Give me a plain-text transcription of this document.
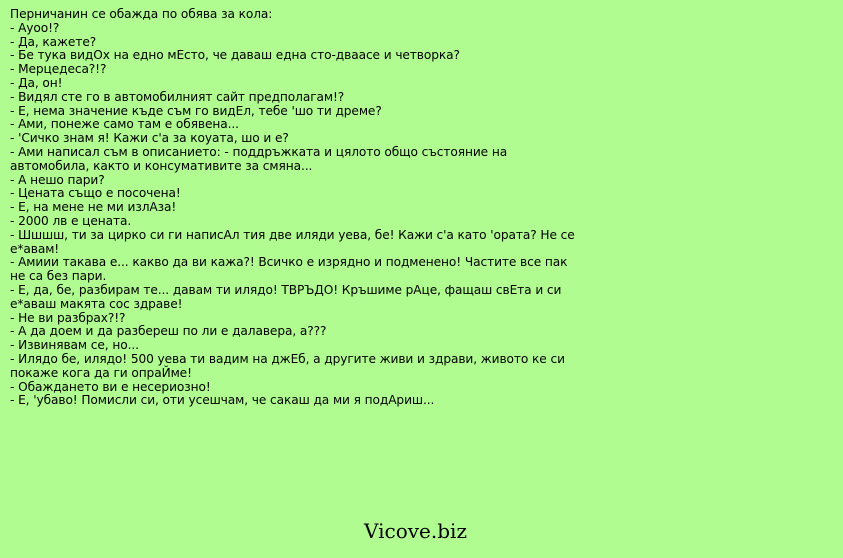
Перничанин се обажда по обява за кола:
- Ауоо!?
- Да, кажете?
- Бе тука видОх на едно мЕсто, че даваш една сто-дваасе и четворка?
- Мерцедеса?!?
- Да, он!
- Видял сте го в автомобилният сайт предполагам!?
- Е, нема значение къде съм го видЕл, тебе 'шо ти дреме?
- Ами, понеже само там е обявена...
- 'Сичко знам я! Кажи с'а за коуата, шо и е?
- Ами написал съм в описанието: - поддръжката и цялото общо състояние на автомобила, както и консумативите за смяна...
- А нешо пари?
- Цената също е посочена!
- Е, на мене не ми излАза!
- 2000 лв е цената.
- Шшшш, ти за цирко си ги написАл тия две иляди уева, бе! Кажи с'а като 'ората? Не се е*авам!
- Амиии такава е... какво да ви кажа?! Всичко е изрядно и подменено! Частите все пак не са без пари.
- Е, да, бе, разбирам те... давам ти илядо! ТВРЪДО! Кръшиме рАце, фащаш свЕта и си е*аваш макята сос здраве!
- Не ви разбрах?!?
- А да доем и да разбереш по ли е далавера, а???
- Извинявам се, но...
- Илядо бе, илядо! 500 уева ти вадим на джЕб, а другите живи и здрави, живото ке си покаже кога да ги опраЙме!
- Обаждането ви е несериозно!
- Е, 'убаво! Помисли си, оти усешчам, че сакаш да ми я подАриш...
Vicove.biz
